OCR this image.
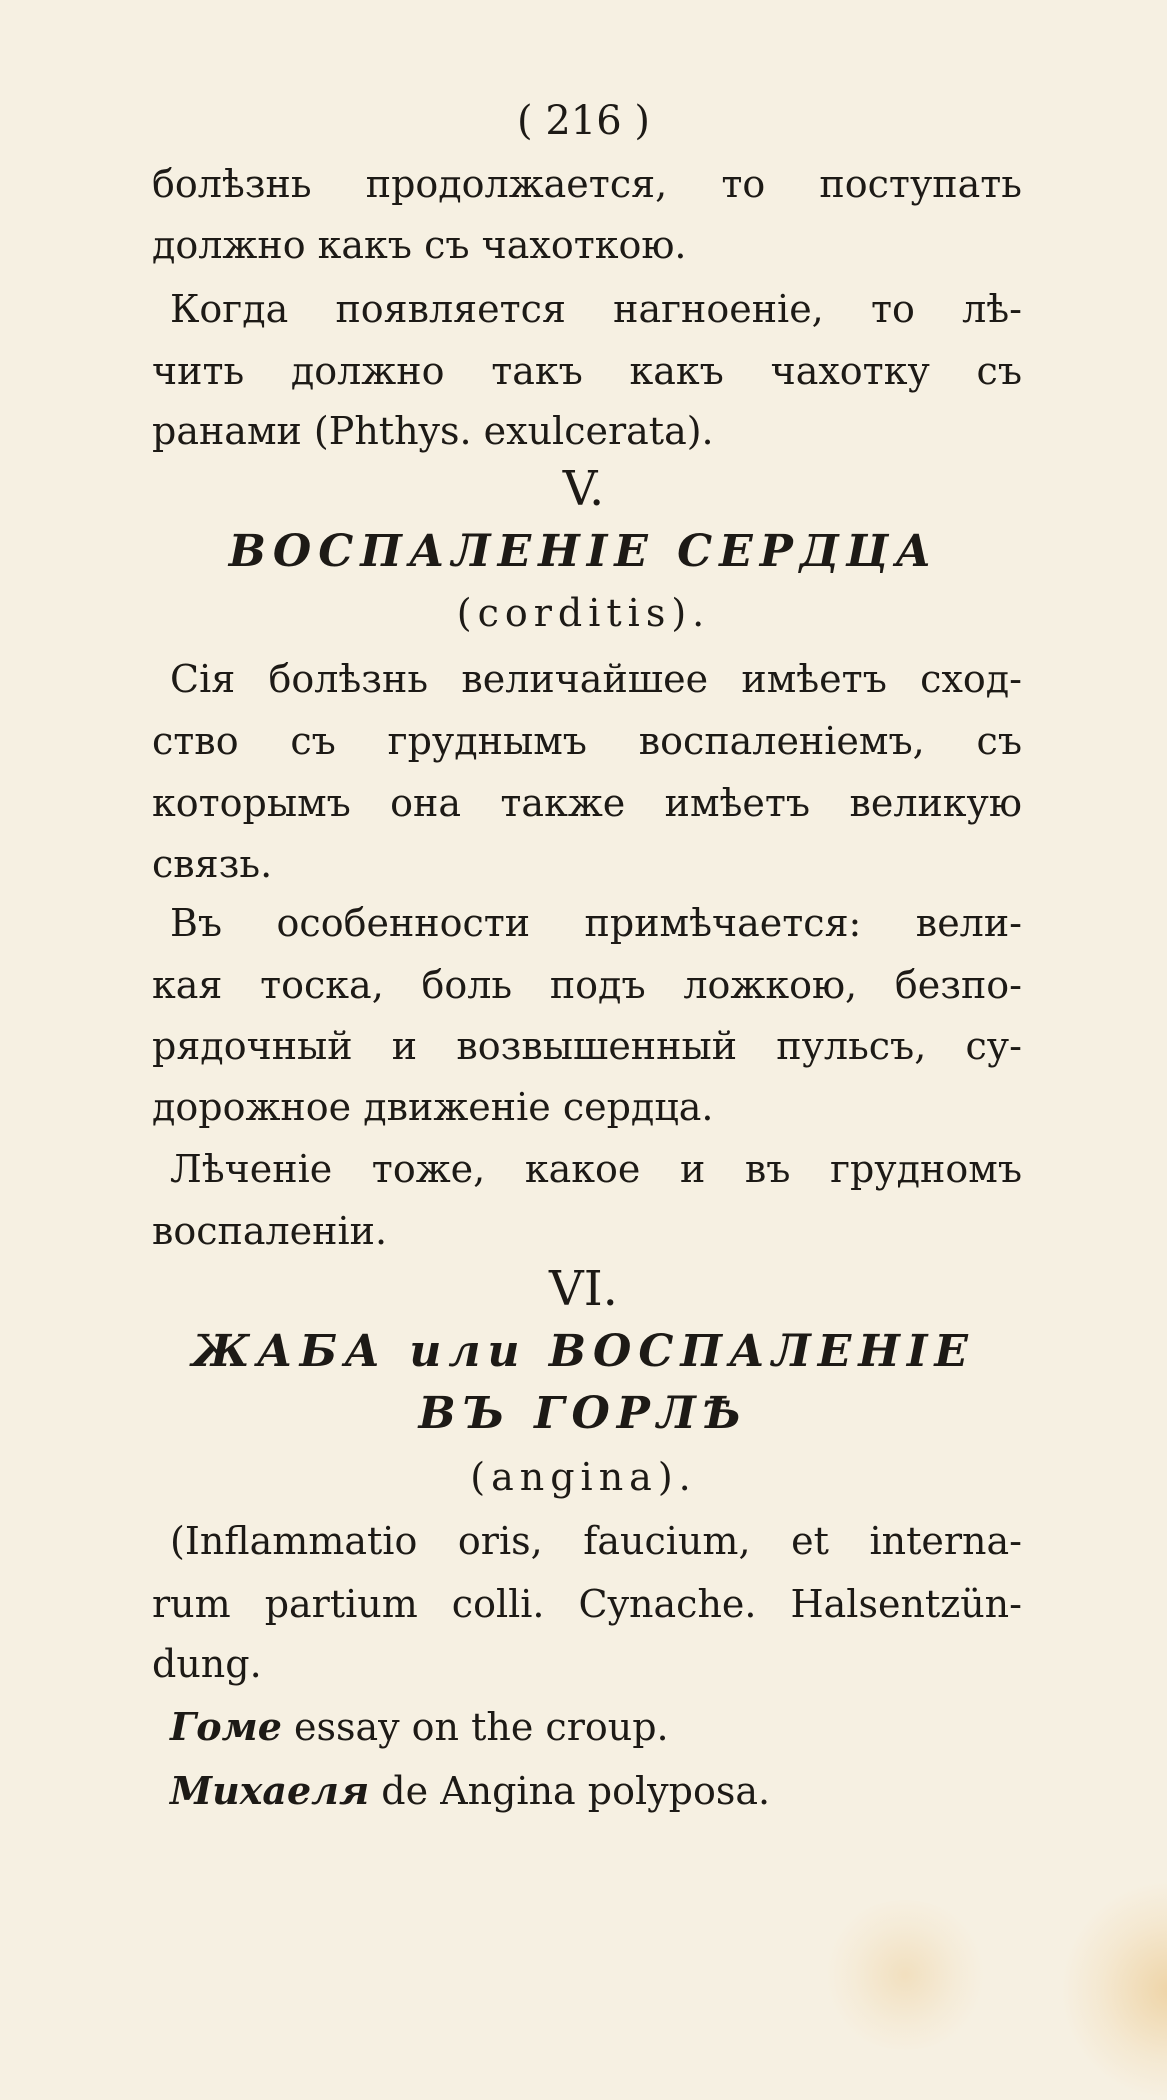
( 216 )
болѣзнь продолжается, то поступать
должно какъ съ чахоткою.
Когда появляется нагноеніе, то лѣ-
чить должно такъ какъ чахотку съ
ранами (Phthys. exulcerata).
V.
ВОСПАЛЕНІЕ СЕРДЦА
(corditis).
Сія болѣзнь величайшее имѣетъ сход-
ство съ груднымъ воспаленіемъ, съ
которымъ она также имѣетъ великую
связь.
Въ особенности примѣчается: вели-
кая тоска, боль подъ ложкою, безпо-
рядочный и возвышенный пульсъ, су-
дорожное движеніе сердца.
Лѣченіе тоже, какое и въ грудномъ
воспаленіи.
VI.
ЖАБА или ВОСПАЛЕНІЕ
ВЪ ГОРЛѢ
(angina).
(Inflammatio oris, faucium, et interna-
rum partium colli. Cynache. Halsentzün-
dung.
Гоме essay on the croup.
Михаеля de Angina polyposa.
